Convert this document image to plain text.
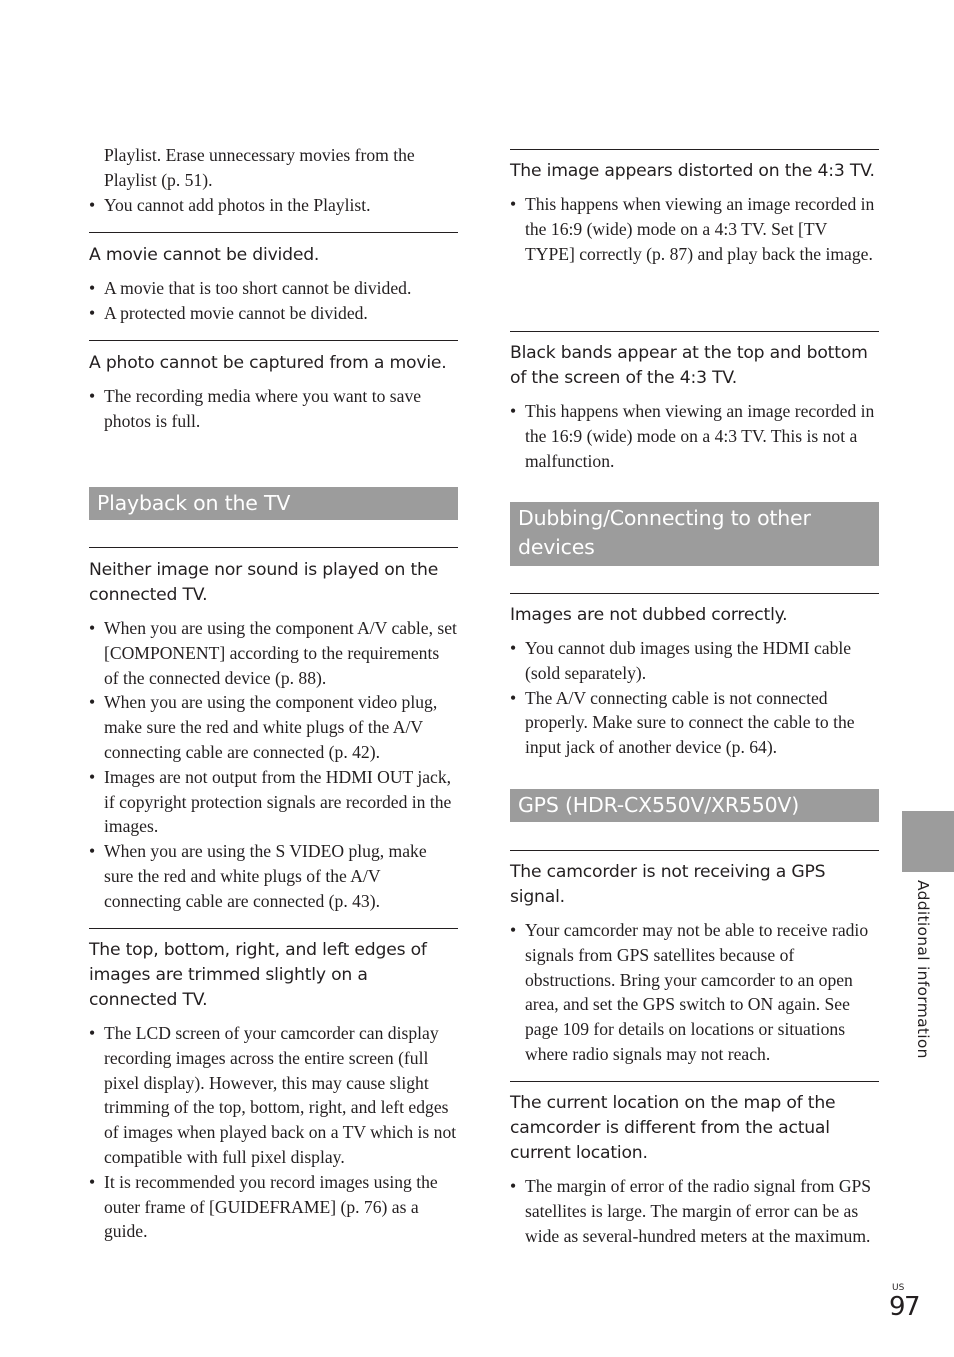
Playlist. Erase unnecessary movies from the Playlist (p. 51).
• You cannot add photos in the Playlist.
A movie cannot be divided.
• A movie that is too short cannot be divided.
• A protected movie cannot be divided.
A photo cannot be captured from a movie.
• The recording media where you want to save photos is full.
Playback on the TV
Neither image nor sound is played on the connected TV.
• When you are using the component A/V cable, set [COMPONENT] according to the requirements of the connected device (p. 88).
• When you are using the component video plug, make sure the red and white plugs of the A/V connecting cable are connected (p. 42).
• Images are not output from the HDMI OUT jack, if copyright protection signals are recorded in the images.
• When you are using the S VIDEO plug, make sure the red and white plugs of the A/V connecting cable are connected (p. 43).
The top, bottom, right, and left edges of images are trimmed slightly on a connected TV.
• The LCD screen of your camcorder can display recording images across the entire screen (full pixel display). However, this may cause slight trimming of the top, bottom, right, and left edges of images when played back on a TV which is not compatible with full pixel display.
• It is recommended you record images using the outer frame of [GUIDEFRAME] (p. 76) as a guide.
The image appears distorted on the 4:3 TV.
• This happens when viewing an image recorded in the 16:9 (wide) mode on a 4:3 TV. Set [TV TYPE] correctly (p. 87) and play back the image.
Black bands appear at the top and bottom of the screen of the 4:3 TV.
• This happens when viewing an image recorded in the 16:9 (wide) mode on a 4:3 TV. This is not a malfunction.
Dubbing/Connecting to other devices
Images are not dubbed correctly.
• You cannot dub images using the HDMI cable (sold separately).
• The A/V connecting cable is not connected properly. Make sure to connect the cable to the input jack of another device (p. 64).
GPS (HDR-CX550V/XR550V)
The camcorder is not receiving a GPS signal.
• Your camcorder may not be able to receive radio signals from GPS satellites because of obstructions. Bring your camcorder to an open area, and set the GPS switch to ON again. See page 109 for details on locations or situations where radio signals may not reach.
The current location on the map of the camcorder is different from the actual current location.
• The margin of error of the radio signal from GPS satellites is large. The margin of error can be as wide as several-hundred meters at the maximum.
Additional information
US
97
